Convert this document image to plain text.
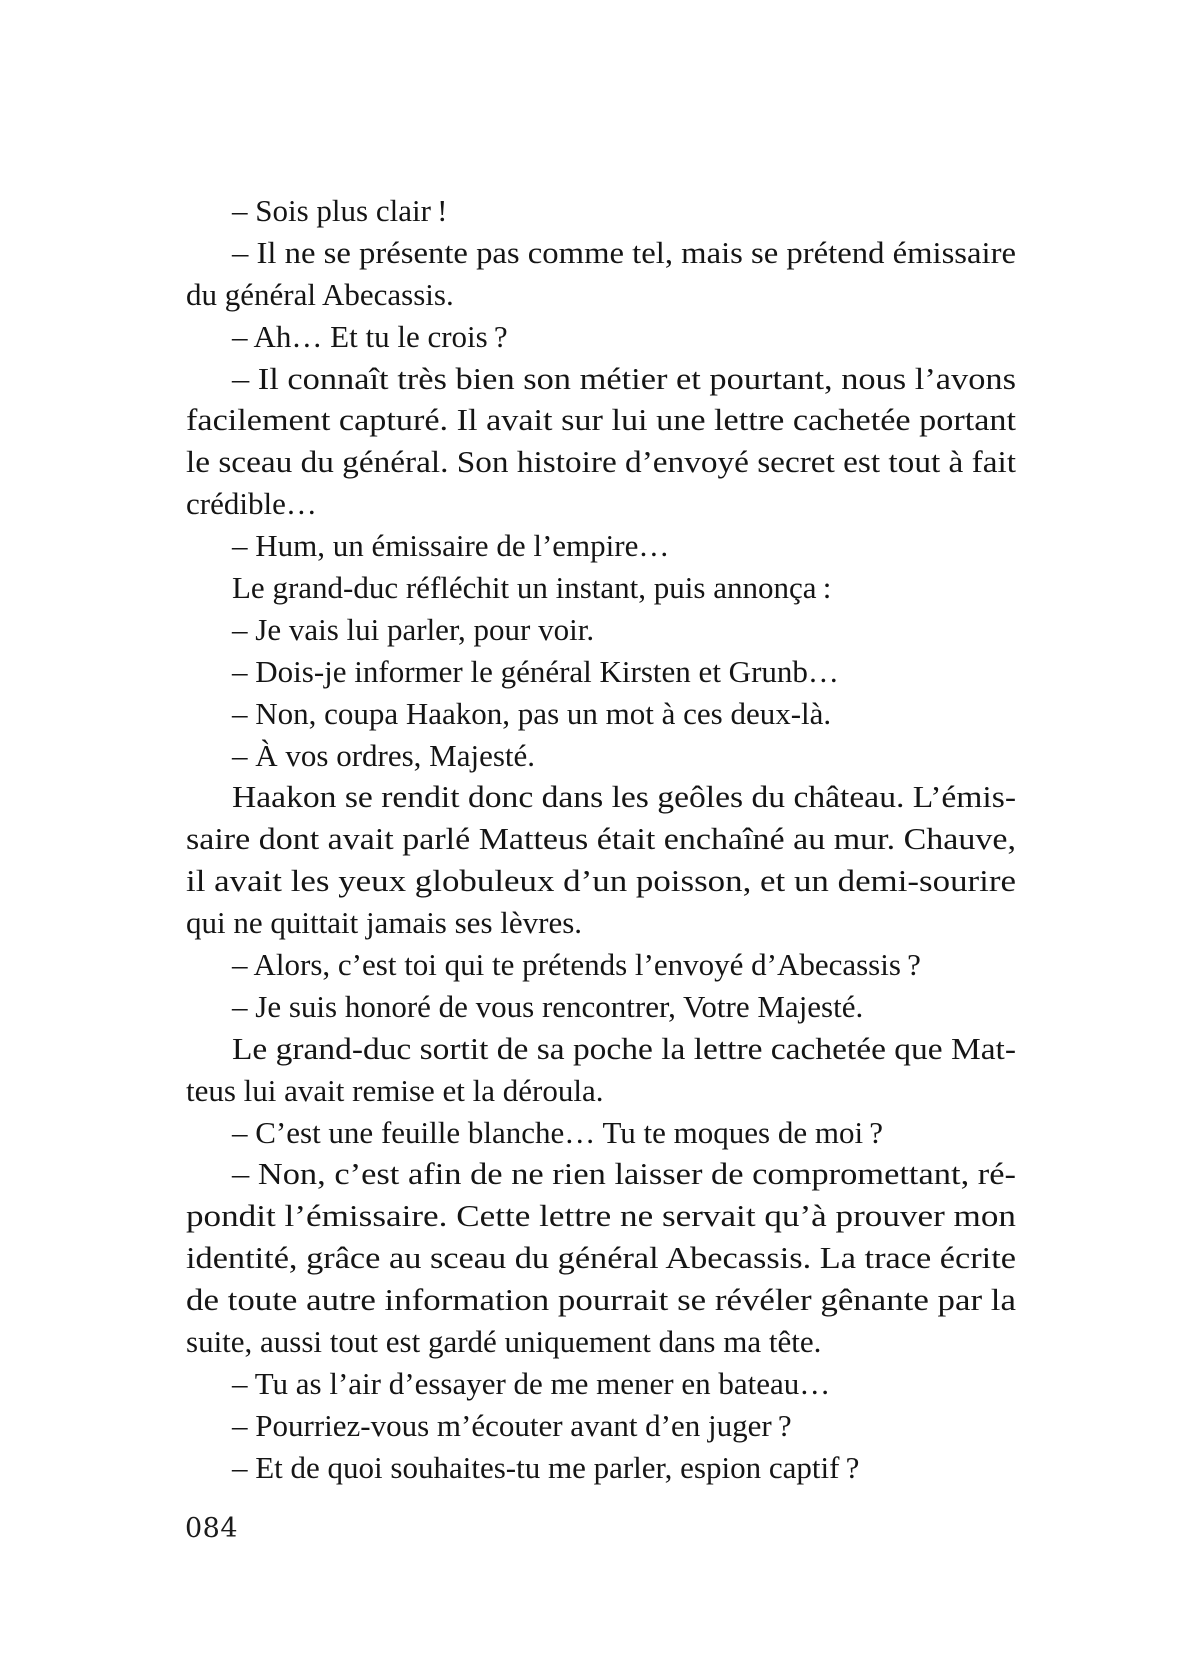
– Sois plus clair !
– Il ne se présente pas comme tel, mais se prétend émissaire
du général Abecassis.
– Ah… Et tu le crois ?
– Il connaît très bien son métier et pourtant, nous l’avons
facilement capturé. Il avait sur lui une lettre cachetée portant
le sceau du général. Son histoire d’envoyé secret est tout à fait
crédible…
– Hum, un émissaire de l’empire…
Le grand-duc réfléchit un instant, puis annonça :
– Je vais lui parler, pour voir.
– Dois-je informer le général Kirsten et Grunb…
– Non, coupa Haakon, pas un mot à ces deux-là.
– À vos ordres, Majesté.
Haakon se rendit donc dans les geôles du château. L’émis-
saire dont avait parlé Matteus était enchaîné au mur. Chauve,
il avait les yeux globuleux d’un poisson, et un demi-sourire
qui ne quittait jamais ses lèvres.
– Alors, c’est toi qui te prétends l’envoyé d’Abecassis ?
– Je suis honoré de vous rencontrer, Votre Majesté.
Le grand-duc sortit de sa poche la lettre cachetée que Mat-
teus lui avait remise et la déroula.
– C’est une feuille blanche… Tu te moques de moi ?
– Non, c’est afin de ne rien laisser de compromettant, ré-
pondit l’émissaire. Cette lettre ne servait qu’à prouver mon
identité, grâce au sceau du général Abecassis. La trace écrite
de toute autre information pourrait se révéler gênante par la
suite, aussi tout est gardé uniquement dans ma tête.
– Tu as l’air d’essayer de me mener en bateau…
– Pourriez-vous m’écouter avant d’en juger ?
– Et de quoi souhaites-tu me parler, espion captif ?
084
